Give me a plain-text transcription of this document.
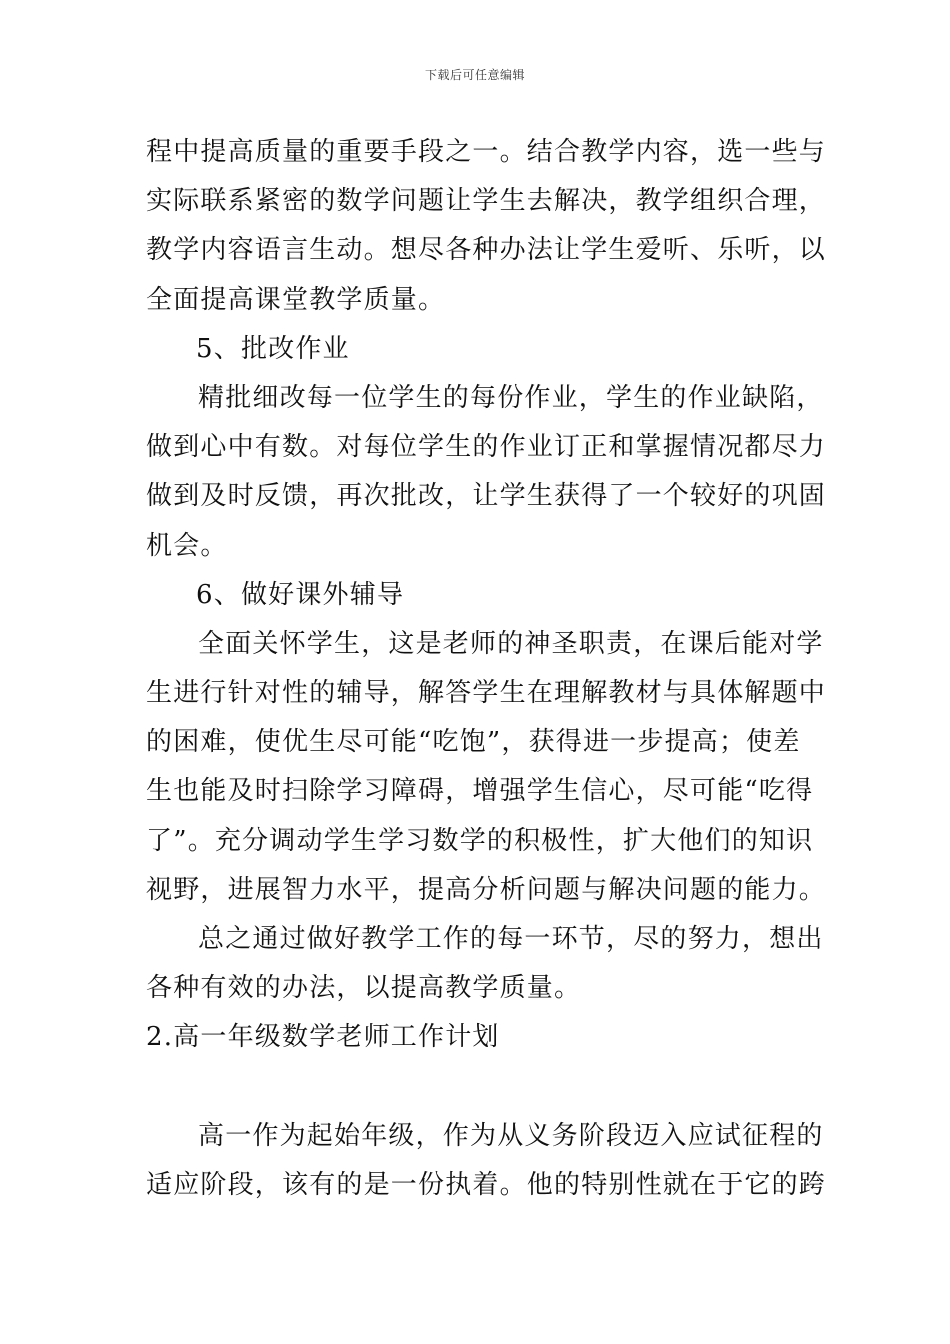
下载后可任意编辑
程中提高质量的重要手段之一。结合教学内容，选一些与
实际联系紧密的数学问题让学生去解决，教学组织合理，
教学内容语言生动。想尽各种办法让学生爱听、乐听，以
全面提高课堂教学质量。
5、批改作业
精批细改每一位学生的每份作业，学生的作业缺陷，
做到心中有数。对每位学生的作业订正和掌握情况都尽力
做到及时反馈，再次批改，让学生获得了一个较好的巩固
机会。
6、做好课外辅导
全面关怀学生，这是老师的神圣职责，在课后能对学
生进行针对性的辅导，解答学生在理解教材与具体解题中
的困难，使优生尽可能“吃饱”，获得进一步提高；使差
生也能及时扫除学习障碍，增强学生信心，尽可能“吃得
了”。充分调动学生学习数学的积极性，扩大他们的知识
视野，进展智力水平，提高分析问题与解决问题的能力。
总之通过做好教学工作的每一环节，尽的努力，想出
各种有效的办法，以提高教学质量。
2.高一年级数学老师工作计划
高一作为起始年级，作为从义务阶段迈入应试征程的
适应阶段，该有的是一份执着。他的特别性就在于它的跨
